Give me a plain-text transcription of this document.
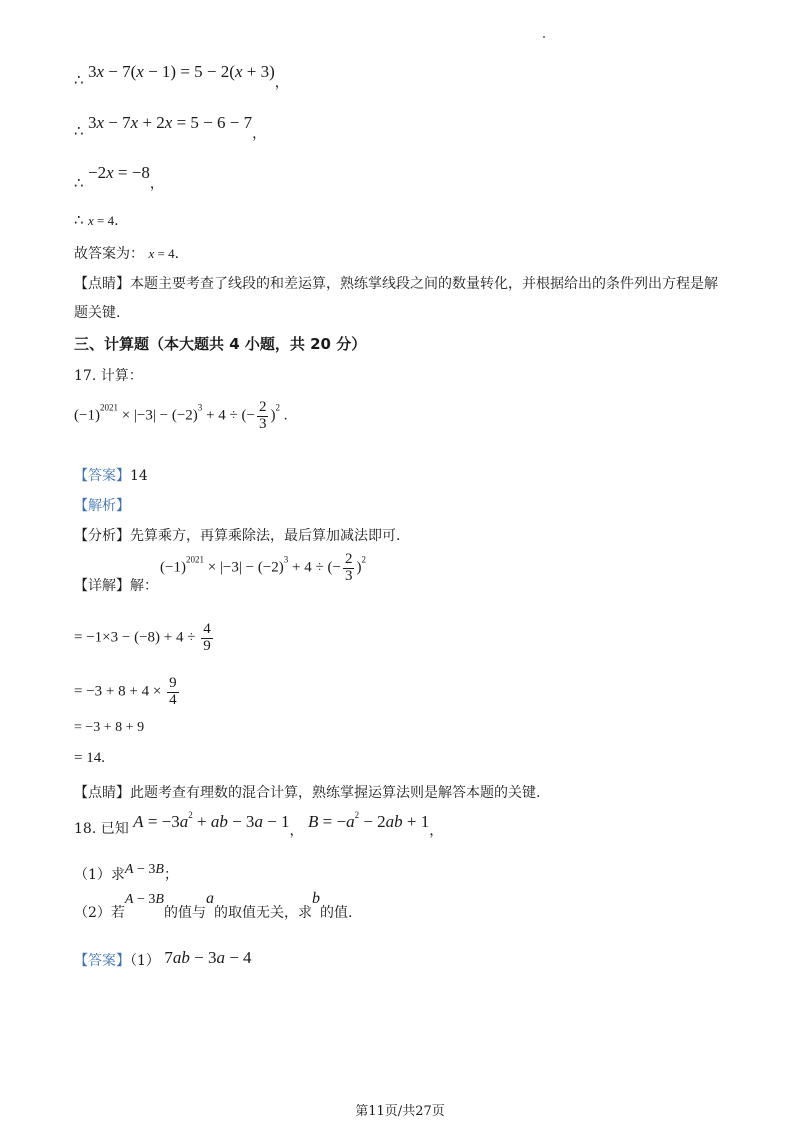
∴ 3x − 7(x − 1) = 5 − 2(x + 3)，
∴ 3x − 7x + 2x = 5 − 6 − 7，
∴ −2x = −8，
∴ x = 4.
故答案为： x = 4.
【点睛】本题主要考查了线段的和差运算，熟练掌线段之间的数量转化，并根据给出的条件列出方程是解
题关键.
三、计算题（本大题共 4 小题，共 20 分）
17. 计算：
$(-1)^{2021} \times |-3| - (-2)^3 + 4$ ÷ (− $\frac{2}{3} )^2$ .
【答案】14
【解析】
【分析】先算乘方，再算乘除法，最后算加减法即可.
【详解】解：
$(-1)^{2021} \times |-3| - (-2)^3 + 4$ ÷ (− $\frac{2}{3} )^2$
= $-1\times 3 - (-8) + 4 \div \frac{4}{9}$
= $-3 + 8 + 4 \times \frac{9}{4}$
= −3 + 8 + 9
= 14.
【点睛】此题考查有理数的混合计算，熟练掌握运算法则是解答本题的关键.
18. 已知 $A = -3a^2$ + ab − 3a − 1， $B = -a^2 - 2ab + 1$，
（1）求A − 3B；
（2）若A − 3B的值与a的取值无关，求b的值.
【答案】（1） 7ab − 3a − 4
第11页/共27页
